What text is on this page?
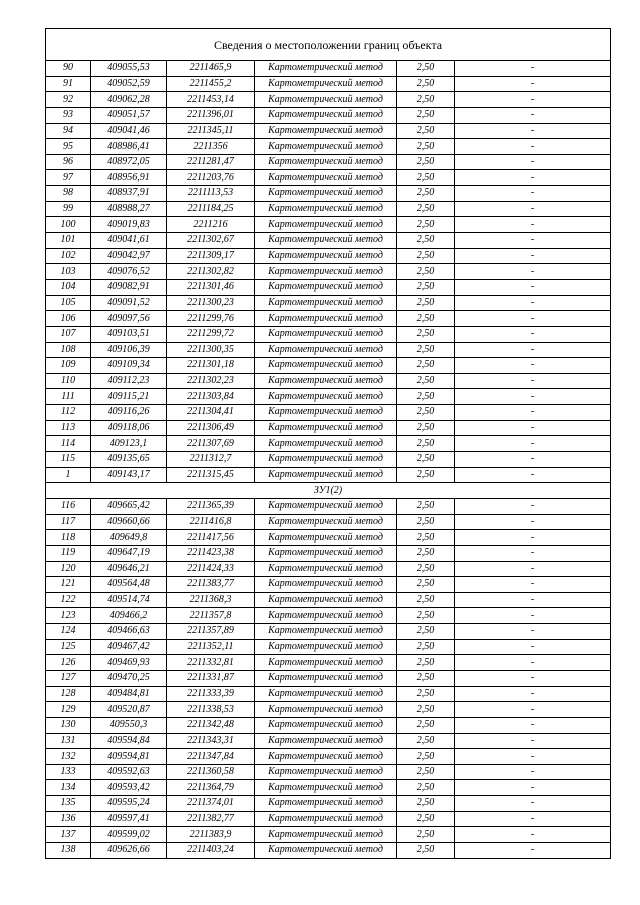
Сведения о местоположении границ объекта					
90	409055,53	2211465,9	Картометрический метод	2,50	-
91	409052,59	2211455,2	Картометрический метод	2,50	-
92	409062,28	2211453,14	Картометрический метод	2,50	-
93	409051,57	2211396,01	Картометрический метод	2,50	-
94	409041,46	2211345,11	Картометрический метод	2,50	-
95	408986,41	2211356	Картометрический метод	2,50	-
96	408972,05	2211281,47	Картометрический метод	2,50	-
97	408956,91	2211203,76	Картометрический метод	2,50	-
98	408937,91	2211113,53	Картометрический метод	2,50	-
99	408988,27	2211184,25	Картометрический метод	2,50	-
100	409019,83	2211216	Картометрический метод	2,50	-
101	409041,61	2211302,67	Картометрический метод	2,50	-
102	409042,97	2211309,17	Картометрический метод	2,50	-
103	409076,52	2211302,82	Картометрический метод	2,50	-
104	409082,91	2211301,46	Картометрический метод	2,50	-
105	409091,52	2211300,23	Картометрический метод	2,50	-
106	409097,56	2211299,76	Картометрический метод	2,50	-
107	409103,51	2211299,72	Картометрический метод	2,50	-
108	409106,39	2211300,35	Картометрический метод	2,50	-
109	409109,34	2211301,18	Картометрический метод	2,50	-
110	409112,23	2211302,23	Картометрический метод	2,50	-
111	409115,21	2211303,84	Картометрический метод	2,50	-
112	409116,26	2211304,41	Картометрический метод	2,50	-
113	409118,06	2211306,49	Картометрический метод	2,50	-
114	409123,1	2211307,69	Картометрический метод	2,50	-
115	409135,65	2211312,7	Картометрический метод	2,50	-
1	409143,17	2211315,45	Картометрический метод	2,50	-
ЗУ1(2)					
116	409665,42	2211365,39	Картометрический метод	2,50	-
117	409660,66	2211416,8	Картометрический метод	2,50	-
118	409649,8	2211417,56	Картометрический метод	2,50	-
119	409647,19	2211423,38	Картометрический метод	2,50	-
120	409646,21	2211424,33	Картометрический метод	2,50	-
121	409564,48	2211383,77	Картометрический метод	2,50	-
122	409514,74	2211368,3	Картометрический метод	2,50	-
123	409466,2	2211357,8	Картометрический метод	2,50	-
124	409466,63	2211357,89	Картометрический метод	2,50	-
125	409467,42	2211352,11	Картометрический метод	2,50	-
126	409469,93	2211332,81	Картометрический метод	2,50	-
127	409470,25	2211331,87	Картометрический метод	2,50	-
128	409484,81	2211333,39	Картометрический метод	2,50	-
129	409520,87	2211338,53	Картометрический метод	2,50	-
130	409550,3	2211342,48	Картометрический метод	2,50	-
131	409594,84	2211343,31	Картометрический метод	2,50	-
132	409594,81	2211347,84	Картометрический метод	2,50	-
133	409592,63	2211360,58	Картометрический метод	2,50	-
134	409593,42	2211364,79	Картометрический метод	2,50	-
135	409595,24	2211374,01	Картометрический метод	2,50	-
136	409597,41	2211382,77	Картометрический метод	2,50	-
137	409599,02	2211383,9	Картометрический метод	2,50	-
138	409626,66	2211403,24	Картометрический метод	2,50	-
